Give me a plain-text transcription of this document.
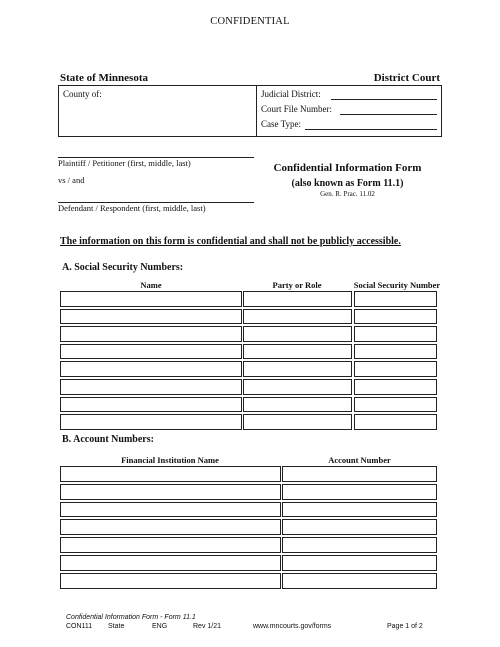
CONFIDENTIAL
State of Minnesota	District Court
County of:	Judicial District:
Court File Number:
Case Type:
Plaintiff / Petitioner (first, middle, last)
vs / and
Defendant / Respondent (first, middle, last)
Confidential Information Form
(also known as Form 11.1)
Gen. R. Prac. 11.02
The information on this form is confidential and shall not be publicly accessible.
A. Social Security Numbers:
Name	Party or Role	Social Security Number
B. Account Numbers:
Financial Institution Name	Account Number
Confidential Information Form - Form 11.1
CON111 State	ENG	Rev 1/21	www.mncourts.gov/forms	Page 1 of 2
